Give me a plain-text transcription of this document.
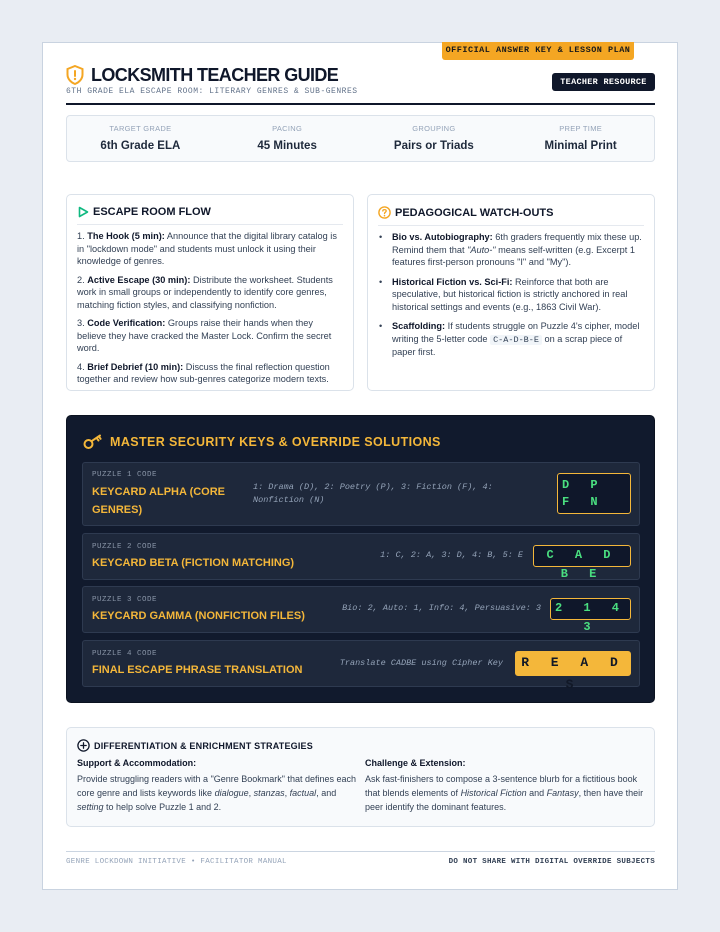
OFFICIAL ANSWER KEY & LESSON PLAN
LOCKSMITH TEACHER GUIDE
6TH GRADE ELA ESCAPE ROOM: LITERARY GENRES & SUB-GENRES
TEACHER RESOURCE
TARGET GRADE
6th Grade ELA
PACING
45 Minutes
GROUPING
Pairs or Triads
PREP TIME
Minimal Print
ESCAPE ROOM FLOW

1. The Hook (5 min): Announce that the digital library catalog is in "lockdown mode" and students must unlock it using their knowledge of genres.

2. Active Escape (30 min): Distribute the worksheet. Students work in small groups or independently to identify core genres, matching fiction styles, and classifying nonfiction.

3. Code Verification: Groups raise their hands when they believe they have cracked the Master Lock. Confirm the secret word.

4. Brief Debrief (10 min): Discuss the final reflection question together and review how sub-genres categorize modern texts.

PEDAGOGICAL WATCH-OUTS
• Bio vs. Autobiography: 6th graders frequently mix these up. Remind them that "Auto-" means self-written (e.g. Excerpt 1 features first-person pronouns "I" and "My").
• Historical Fiction vs. Sci-Fi: Reinforce that both are speculative, but historical fiction is strictly anchored in real historical settings and events (e.g., 1863 Civil War).
• Scaffolding: If students struggle on Puzzle 4's cipher, model writing the 5-letter code C-A-D-B-E on a scrap piece of paper first.
MASTER SECURITY KEYS & OVERRIDE SOLUTIONS
PUZZLE 1 CODE
KEYCARD ALPHA (CORE GENRES)
1: Drama (D), 2: Poetry (P), 3: Fiction (F), 4: Nonfiction (N)
D P F N
PUZZLE 2 CODE
KEYCARD BETA (FICTION MATCHING)
1: C, 2: A, 3: D, 4: B, 5: E	C A D B E
PUZZLE 3 CODE
KEYCARD GAMMA (NONFICTION FILES)
Bio: 2, Auto: 1, Info: 4, Persuasive: 3	2 1 4 3
PUZZLE 4 CODE
FINAL ESCAPE PHRASE TRANSLATION
Translate CADBE using Cipher Key	R E A D S
DIFFERENTIATION & ENRICHMENT STRATEGIES
Support & Accommodation:

Provide struggling readers with a "Genre Bookmark" that defines each core genre and lists keywords like dialogue, stanzas, factual, and setting to help solve Puzzle 1 and 2.

Challenge & Extension:

Ask fast-finishers to compose a 3-sentence blurb for a fictitious book that blends elements of Historical Fiction and Fantasy, then have their peer identify the dominant features.

GENRE LOCKDOWN INITIATIVE • FACILITATOR MANUAL	DO NOT SHARE WITH DIGITAL OVERRIDE SUBJECTS
